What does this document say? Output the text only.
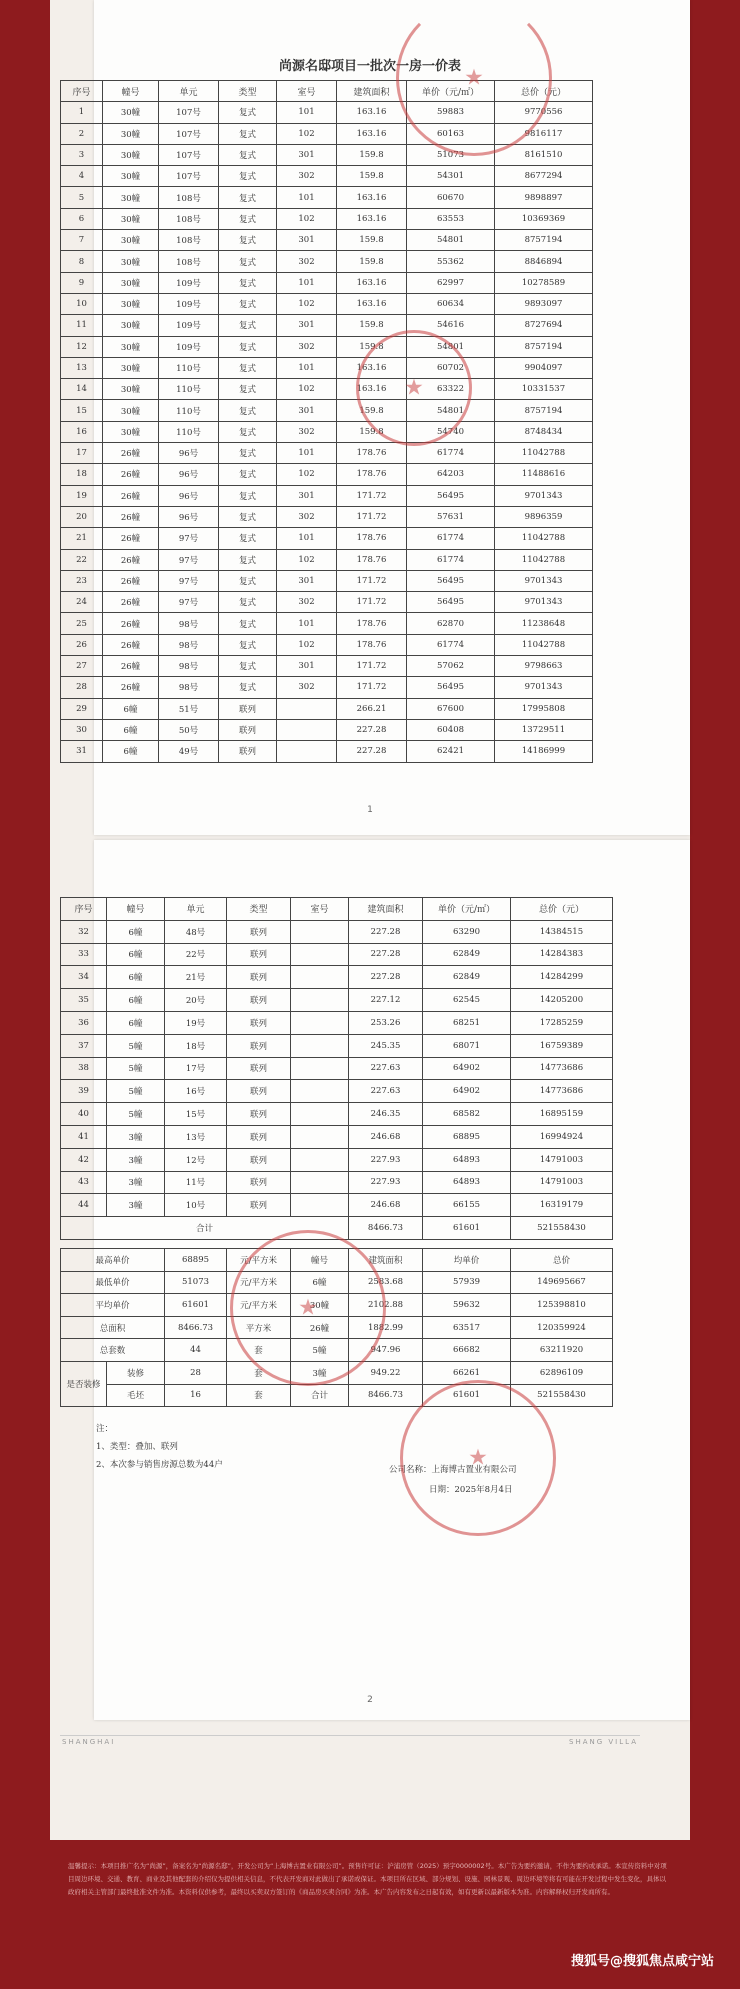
尚源名邸项目一批次一房一价表
序号	幢号	单元	类型	室号	建筑面积	单价（元/㎡）	总价（元）
1	30幢	107号	复式	101	163.16	59883	9770556
2	30幢	107号	复式	102	163.16	60163	9816117
3	30幢	107号	复式	301	159.8	51073	8161510
4	30幢	107号	复式	302	159.8	54301	8677294
5	30幢	108号	复式	101	163.16	60670	9898897
6	30幢	108号	复式	102	163.16	63553	10369369
7	30幢	108号	复式	301	159.8	54801	8757194
8	30幢	108号	复式	302	159.8	55362	8846894
9	30幢	109号	复式	101	163.16	62997	10278589
10	30幢	109号	复式	102	163.16	60634	9893097
11	30幢	109号	复式	301	159.8	54616	8727694
12	30幢	109号	复式	302	159.8	54801	8757194
13	30幢	110号	复式	101	163.16	60702	9904097
14	30幢	110号	复式	102	163.16	63322	10331537
15	30幢	110号	复式	301	159.8	54801	8757194
16	30幢	110号	复式	302	159.8	54740	8748434
17	26幢	96号	复式	101	178.76	61774	11042788
18	26幢	96号	复式	102	178.76	64203	11488616
19	26幢	96号	复式	301	171.72	56495	9701343
20	26幢	96号	复式	302	171.72	57631	9896359
21	26幢	97号	复式	101	178.76	61774	11042788
22	26幢	97号	复式	102	178.76	61774	11042788
23	26幢	97号	复式	301	171.72	56495	9701343
24	26幢	97号	复式	302	171.72	56495	9701343
25	26幢	98号	复式	101	178.76	62870	11238648
26	26幢	98号	复式	102	178.76	61774	11042788
27	26幢	98号	复式	301	171.72	57062	9798663
28	26幢	98号	复式	302	171.72	56495	9701343
29	6幢	51号	联列		266.21	67600	17995808
30	6幢	50号	联列		227.28	60408	13729511
31	6幢	49号	联列		227.28	62421	14186999
1
序号	幢号	单元	类型	室号	建筑面积	单价（元/㎡）	总价（元）
32	6幢	48号	联列		227.28	63290	14384515
33	6幢	22号	联列		227.28	62849	14284383
34	6幢	21号	联列		227.28	62849	14284299
35	6幢	20号	联列		227.12	62545	14205200
36	6幢	19号	联列		253.26	68251	17285259
37	5幢	18号	联列		245.35	68071	16759389
38	5幢	17号	联列		227.63	64902	14773686
39	5幢	16号	联列		227.63	64902	14773686
40	5幢	15号	联列		246.35	68582	16895159
41	3幢	13号	联列		246.68	68895	16994924
42	3幢	12号	联列		227.93	64893	14791003
43	3幢	11号	联列		227.93	64893	14791003
44	3幢	10号	联列		246.68	66155	16319179
合计					8466.73	61601	521558430
最高单价		68895	元/平方米	幢号	建筑面积	均单价	总价
最低单价		51073	元/平方米	6幢	2583.68	57939	149695667
平均单价		61601	元/平方米	30幢	2102.88	59632	125398810
总面积		8466.73	平方米	26幢	1882.99	63517	120359924
总套数		44	套	5幢	947.96	66682	63211920
是否装修	装修	28	套	3幢	949.22	66261	62896109
	毛坯	16	套	合计	8466.73	61601	521558430
注：
1、类型：叠加、联列
2、本次参与销售房源总数为44户	公司名称：上海博古置业有限公司
日期：2025年8月4日
2
★
★
★
★
SHANGHAI	SHANG VILLA
温馨提示：本项目推广名为“尚源”，备案名为“尚源名邸”，开发公司为“上海博古置业有限公司”。预售许可证：沪浦房管（2025）预字0000002号。本广告为要约邀请，不作为要约或承诺。本宣传资料中对项目周边环境、交通、教育、商业及其他配套的介绍仅为提供相关信息，不代表开发商对此做出了承诺或保证。本项目所在区域、部分规划、设施、园林景观、周边环境等将有可能在开发过程中发生变化，具体以政府相关主管部门最终批准文件为准。本资料仅供参考，最终以买卖双方签订的《商品房买卖合同》为准。本广告内容发布之日起有效，如有更新以最新版本为准。内容解释权归开发商所有。
搜狐号@搜狐焦点咸宁站
